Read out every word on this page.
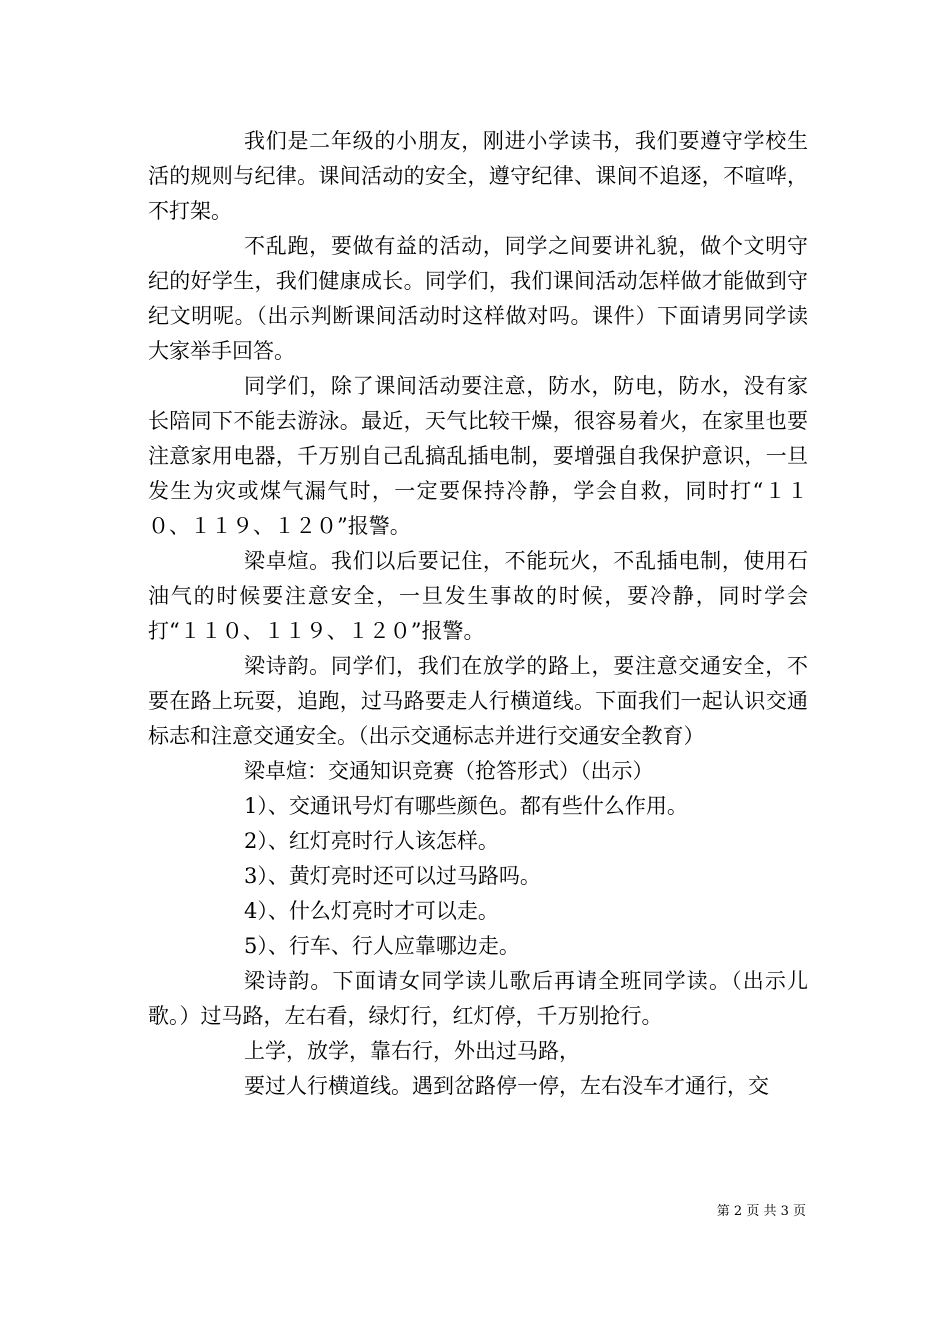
我们是二年级的小朋友，刚进小学读书，我们要遵守学校生活的规则与纪律。课间活动的安全，遵守纪律、课间不追逐，不喧哗，不打架。

不乱跑，要做有益的活动，同学之间要讲礼貌，做个文明守纪的好学生，我们健康成长。同学们，我们课间活动怎样做才能做到守纪文明呢。（出示判断课间活动时这样做对吗。课件）下面请男同学读大家举手回答。

同学们，除了课间活动要注意，防水，防电，防水，没有家长陪同下不能去游泳。最近，天气比较干燥，很容易着火，在家里也要注意家用电器，千万别自己乱搞乱插电制，要增强自我保护意识，一旦发生为灾或煤气漏气时，一定要保持冷静，学会自救，同时打“１１０、１１９、１２０”报警。

梁卓煊。我们以后要记住，不能玩火，不乱插电制，使用石油气的时候要注意安全，一旦发生事故的时候，要冷静，同时学会打“１１０、１１９、１２０”报警。

梁诗韵。同学们，我们在放学的路上，要注意交通安全，不要在路上玩耍，追跑，过马路要走人行横道线。下面我们一起认识交通标志和注意交通安全。（出示交通标志并进行交通安全教育）

梁卓煊：交通知识竞赛（抢答形式）（出示）

1）、交通讯号灯有哪些颜色。都有些什么作用。

2）、红灯亮时行人该怎样。

3）、黄灯亮时还可以过马路吗。

4）、什么灯亮时才可以走。

5）、行车、行人应靠哪边走。

梁诗韵。下面请女同学读儿歌后再请全班同学读。（出示儿歌。）过马路，左右看，绿灯行，红灯停，千万别抢行。

上学，放学，靠右行，外出过马路，

要过人行横道线。遇到岔路停一停，左右没车才通行，交

第 2 页 共 3 页
